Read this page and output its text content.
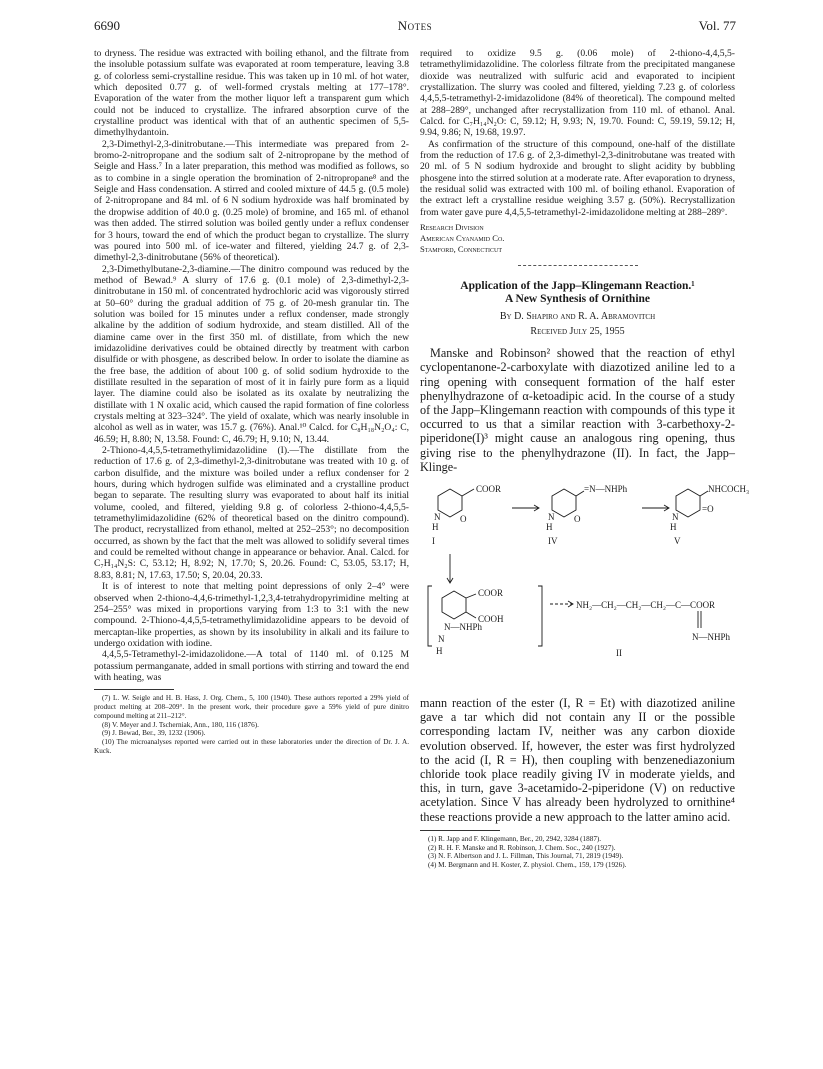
6690	Notes	Vol. 77

to dryness. The residue was extracted with boiling ethanol, and the filtrate from the insoluble potassium sulfate was evaporated at room temperature, leaving 3.8 g. of colorless semi-crystalline residue. This was taken up in 10 ml. of hot water, which deposited 0.77 g. of well-formed crystals melting at 177–178°. Evaporation of the water from the mother liquor left a transparent gum which could not be induced to crystallize. The infrared absorption curve of the crystalline product was identical with that of an authentic specimen of 5,5-dimethylhydantoin.

2,3-Dimethyl-2,3-dinitrobutane.—This intermediate was prepared from 2-bromo-2-nitropropane and the sodium salt of 2-nitropropane by the method of Seigle and Hass.⁷ In a later preparation, this method was modified as follows, so as to combine in a single operation the bromination of 2-nitropropane⁸ and the Seigle and Hass condensation. A stirred and cooled mixture of 44.5 g. (0.5 mole) of 2-nitropropane and 84 ml. of 6 N sodium hydroxide was half brominated by the dropwise addition of 40.0 g. (0.25 mole) of bromine, and 165 ml. of ethanol was then added. The stirred solution was boiled gently under a reflux condenser for 3 hours, toward the end of which the product began to crystallize. The slurry was poured into 500 ml. of ice-water and filtered, yielding 24.7 g. of 2,3-dimethyl-2,3-dinitrobutane (56% of theoretical).

2,3-Dimethylbutane-2,3-diamine.—The dinitro compound was reduced by the method of Bewad.⁹ A slurry of 17.6 g. (0.1 mole) of 2,3-dimethyl-2,3-dinitrobutane in 150 ml. of concentrated hydrochloric acid was vigorously stirred at 50–60° during the gradual addition of 75 g. of 20-mesh granular tin. The solution was boiled for 15 minutes under a reflux condenser, made strongly alkaline by the addition of sodium hydroxide, and steam distilled. All of the diamine came over in the first 350 ml. of distillate, from which the new imidazolidine derivatives could be obtained directly by treatment with carbon disulfide or with phosgene, as described below. In order to isolate the diamine as the free base, the addition of about 100 g. of solid sodium hydroxide to the distillate resulted in the separation of most of it in fairly pure form as a liquid layer. The diamine could also be isolated as its oxalate by neutralizing the distillate with 1 N oxalic acid, which caused the rapid formation of fine colorless crystals melting at 323–324°. The yield of oxalate, which was nearly insoluble in alcohol as well as in water, was 15.7 g. (76%). Anal.¹⁰ Calcd. for C₈H₁₈N₂O₄: C, 46.59; H, 8.80; N, 13.58. Found: C, 46.79; H, 9.10; N, 13.44.

2-Thiono-4,4,5,5-tetramethylimidazolidine (I).—The distillate from the reduction of 17.6 g. of 2,3-dimethyl-2,3-dinitrobutane was treated with 10 g. of carbon disulfide, and the mixture was boiled under a reflux condenser for 2 hours, during which hydrogen sulfide was eliminated and a crystalline product began to separate. The resulting slurry was evaporated to about half its initial volume, cooled, and filtered, yielding 9.8 g. of colorless 2-thiono-4,4,5,5-tetramethylimidazolidine (62% of theoretical based on the dinitro compound). The product, recrystallized from ethanol, melted at 252–253°; no decomposition occurred, as shown by the fact that the melt was allowed to solidify several times and could be remelted without change in appearance or behavior. Anal. Calcd. for C₇H₁₄N₂S: C, 53.12; H, 8.92; N, 17.70; S, 20.26. Found: C, 53.05, 53.17; H, 8.83, 8.81; N, 17.63, 17.50; S, 20.04, 20.33.

It is of interest to note that melting point depressions of only 2–4° were observed when 2-thiono-4,4,6-trimethyl-1,2,3,4-tetrahydropyrimidine melting at 254–255° was mixed in proportions varying from 1:3 to 3:1 with the new compound. 2-Thiono-4,4,5,5-tetramethylimidazolidine appears to be devoid of mercaptan-like properties, as shown by its insolubility in alkali and its failure to undergo oxidation with iodine.

4,4,5,5-Tetramethyl-2-imidazolidone.—A total of 1140 ml. of 0.125 M potassium permanganate, added in small portions with stirring and toward the end with heating, was

(7) L. W. Seigle and H. B. Hass, J. Org. Chem., 5, 100 (1940). These authors reported a 29% yield of product melting at 208–209°. In the present work, their procedure gave a 59% yield of pure dinitro compound melting at 211–212°.

(8) V. Meyer and J. Tscherniak, Ann., 180, 116 (1876).

(9) J. Bewad, Ber., 39, 1232 (1906).

(10) The microanalyses reported were carried out in these laboratories under the direction of Dr. J. A. Kuck.

required to oxidize 9.5 g. (0.06 mole) of 2-thiono-4,4,5,5-tetramethylimidazolidine. The colorless filtrate from the precipitated manganese dioxide was neutralized with sulfuric acid and evaporated to incipient crystallization. The slurry was cooled and filtered, yielding 7.23 g. of colorless 4,4,5,5-tetramethyl-2-imidazolidone (84% of theoretical). The compound melted at 288–289°, unchanged after recrystallization from 110 ml. of ethanol. Anal. Calcd. for C₇H₁₄N₂O: C, 59.12; H, 9.93; N, 19.70. Found: C, 59.19, 59.12; H, 9.94, 9.86; N, 19.68, 19.97.

As confirmation of the structure of this compound, one-half of the distillate from the reduction of 17.6 g. of 2,3-dimethyl-2,3-dinitrobutane was treated with 20 ml. of 5 N sodium hydroxide and brought to slight acidity by bubbling phosgene into the stirred solution at a moderate rate. After evaporation to dryness, the residual solid was extracted with 100 ml. of boiling ethanol. Evaporation of the extract left a crystalline residue weighing 3.57 g. (50%). Recrystallization from water gave pure 4,4,5,5-tetramethyl-2-imidazolidone melting at 288–289°.

Research Division

American Cyanamid Co.

Stamford, Connecticut

Application of the Japp–Klingemann Reaction.¹

A New Synthesis of Ornithine

By D. Shapiro and R. A. Abramovitch

Received July 25, 1955

Manske and Robinson² showed that the reaction of ethyl cyclopentanone-2-carboxylate with diazotized aniline led to a ring opening with consequent formation of the half ester phenylhydrazone of α-ketoadipic acid. In the course of a study of the Japp–Klingemann reaction with compounds of this type it occurred to us that a similar reaction with 3-carbethoxy-2-piperidone(I)³ might cause an analogous ring opening, thus giving rise to the phenylhydrazone (II). In fact, the Japp–Klinge-

COOR
N
H
O
I
=N—NHPh
N
H
O
IV
NHCOCH₃
N
H
=O
V
COOR
N—NHPh
COOH
N
H
NH₂—CH₂—CH₂—CH₂—C—COOR
N—NHPh
II

mann reaction of the ester (I, R = Et) with diazotized aniline gave a tar which did not contain any II or the possible corresponding lactam IV, neither was any carbon dioxide evolution observed. If, however, the ester was first hydrolyzed to the acid (I, R = H), then coupling with benzenediazonium chloride took place readily giving IV in moderate yields, and this, in turn, gave 3-acetamido-2-piperidone (V) on reductive acetylation. Since V has already been hydrolyzed to ornithine⁴ these reactions provide a new approach to the latter amino acid.

(1) R. Japp and F. Klingemann, Ber., 20, 2942, 3284 (1887).

(2) R. H. F. Manske and R. Robinson, J. Chem. Soc., 240 (1927).

(3) N. F. Albertson and J. L. Fillman, This Journal, 71, 2819 (1949).

(4) M. Bergmann and H. Koster, Z. physiol. Chem., 159, 179 (1926).
